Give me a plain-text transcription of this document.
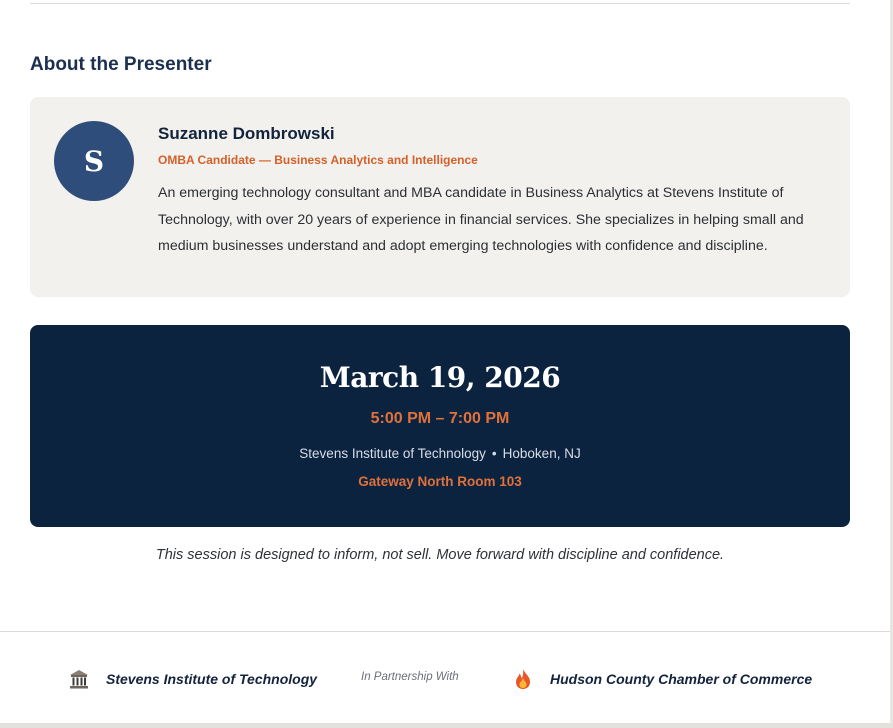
About the Presenter
S
Suzanne Dombrowski
OMBA Candidate — Business Analytics and Intelligence

An emerging technology consultant and MBA candidate in Business Analytics at Stevens Institute of Technology, with over 20 years of experience in financial services. She specializes in helping small and medium businesses understand and adopt emerging technologies with confidence and discipline.

March 19, 2026
5:00 PM – 7:00 PM
Stevens Institute of Technology • Hoboken, NJ
Gateway North Room 103

This session is designed to inform, not sell. Move forward with discipline and confidence.

Stevens Institute of Technology	In Partnership With	Hudson County Chamber of Commerce
